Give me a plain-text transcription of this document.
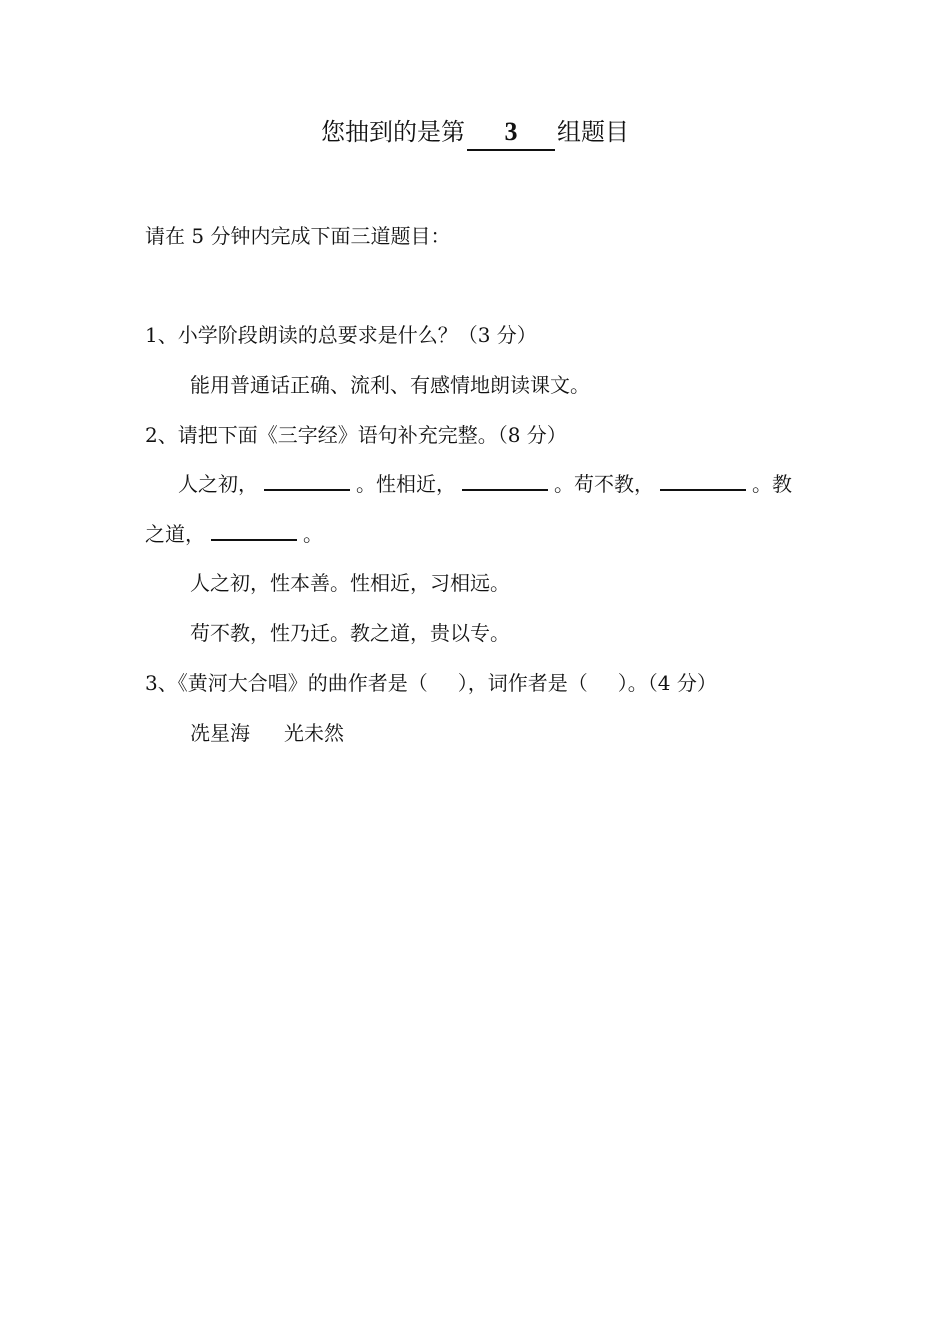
您抽到的是第 3 组题目
请在 5 分钟内完成下面三道题目：
1、小学阶段朗读的总要求是什么？（3 分）
能用普通话正确、流利、有感情地朗读课文。
2、请把下面《三字经》语句补充完整。（8 分）
人之初，	。性相近，	。苟不教，	。教
之道，	。
人之初，性本善。性相近，习相远。
苟不教，性乃迁。教之道，贵以专。
3、《黄河大合唱》的曲作者是（ ），词作者是（ ）。（4 分）
冼星海 光未然
